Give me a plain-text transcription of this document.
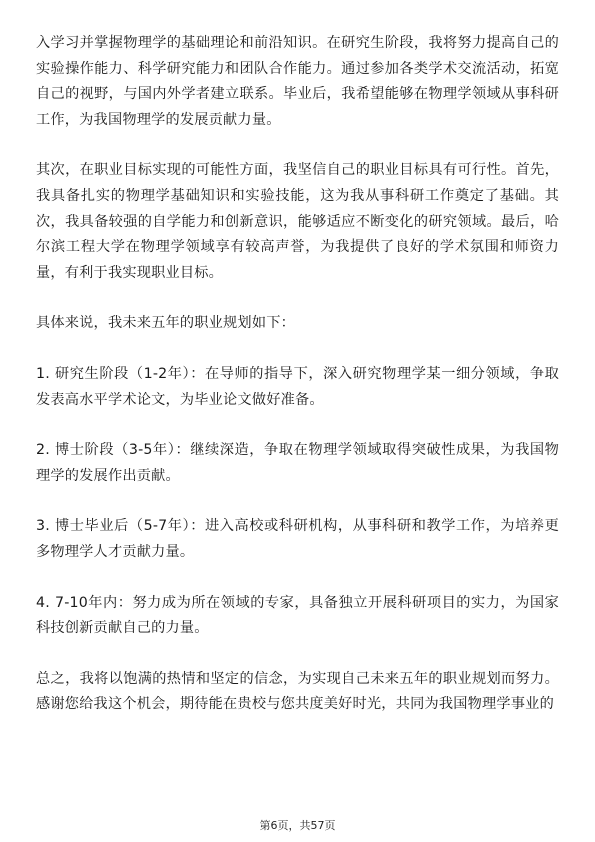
入学习并掌握物理学的基础理论和前沿知识。在研究生阶段，我将努力提高自己的实验操作能力、科学研究能力和团队合作能力。通过参加各类学术交流活动，拓宽自己的视野，与国内外学者建立联系。毕业后，我希望能够在物理学领域从事科研工作，为我国物理学的发展贡献力量。

其次，在职业目标实现的可能性方面，我坚信自己的职业目标具有可行性。首先，我具备扎实的物理学基础知识和实验技能，这为我从事科研工作奠定了基础。其次，我具备较强的自学能力和创新意识，能够适应不断变化的研究领域。最后，哈尔滨工程大学在物理学领域享有较高声誉，为我提供了良好的学术氛围和师资力量，有利于我实现职业目标。

具体来说，我未来五年的职业规划如下：

1. 研究生阶段（1-2年）：在导师的指导下，深入研究物理学某一细分领域，争取发表高水平学术论文，为毕业论文做好准备。

2. 博士阶段（3-5年）：继续深造，争取在物理学领域取得突破性成果，为我国物理学的发展作出贡献。

3. 博士毕业后（5-7年）：进入高校或科研机构，从事科研和教学工作，为培养更多物理学人才贡献力量。

4. 7-10年内：努力成为所在领域的专家，具备独立开展科研项目的实力，为国家科技创新贡献自己的力量。

总之，我将以饱满的热情和坚定的信念，为实现自己未来五年的职业规划而努力。感谢您给我这个机会，期待能在贵校与您共度美好时光，共同为我国物理学事业的

第6页，共57页
